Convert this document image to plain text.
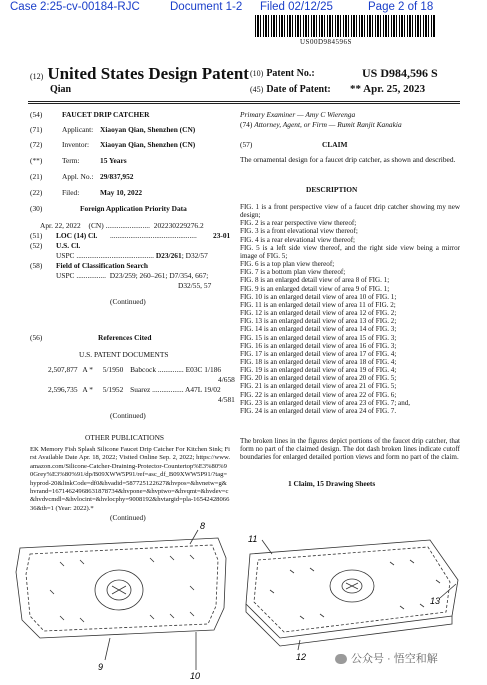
Case 2:25-cv-00184-RJC	Document 1-2 Filed 02/12/25	Page 2 of 18
US00D984596S
(12) United States Design Patent
Qian
(10) Patent No.:	US D984,596 S
(45) Date of Patent: ** Apr. 25, 2023
(54)	FAUCET DRIP CATCHER
(71)	Applicant: Xiaoyan Qian, Shenzhen (CN)
(72)	Inventor: Xiaoyan Qian, Shenzhen (CN)
(**)	Term:	15 Years
(21)	Appl. No.: 29/837,952
(22)	Filed:	May 10, 2022
(30)	Foreign Application Priority Data
Apr. 22, 2022 (CN) ........................ 202230229276.2
(51) LOC (14) Cl. ............................................... 23-01
(52) U.S. Cl.
USPC .......................................... D23/261; D32/57
(58) Field of Classification Search
USPC ................ D23/259; 260–261; D7/354, 667;
D32/55, 57
(Continued)
(56)	References Cited
U.S. PATENT DOCUMENTS
2,507,877 A * 5/1950 Babcock .............. E03C 1/186
4/658
2,596,735 A * 5/1952 Suarez ................. A47L 19/02
4/581
(Continued)
OTHER PUBLICATIONS
EK Memory Fish Splash Silicone Faucet Drip Catcher For Kitchen Sink; First Available Date Apr. 18, 2022; Visited Online Sep. 2, 2022; https://www.amazon.com/Silicone-Catcher-Draining-Protector-Countertop%E3%80%90Grey%E3%80%91/dp/B09XWW5P91/ref=asc_df_B09XWW5P91/?tag=hyprod-20&linkCode=df0&hvadid=587725122627&hvpos=&hvnetw=g&hvrand=16714624968631878734&hvpone=&hvptwo=&hvqmt=&hvdev=c&hvdvcmdl=&hvlocint=&hvlocphy=9008192&hvtargid=pla-1654242806636&th=1 (Year: 2022).*
(Continued)
Primary Examiner — Amy C Wierenga
(74) Attorney, Agent, or Firm — Rumit Ranjit Kanakia
(57)	CLAIM
The ornamental design for a faucet drip catcher, as shown and described.
DESCRIPTION
FIG. 1 is a front perspective view of a faucet drip catcher showing my new design;
FIG. 2 is a rear perspective view thereof;
FIG. 3 is a front elevational view thereof;
FIG. 4 is a rear elevational view thereof;
FIG. 5 is a left side view thereof, and the right side view being a mirror image of FIG. 5;
FIG. 6 is a top plan view thereof;
FIG. 7 is a bottom plan view thereof;
FIG. 8 is an enlarged detail view of area 8 of FIG. 1;
FIG. 9 is an enlarged detail view of area 9 of FIG. 1;
FIG. 10 is an enlarged detail view of area 10 of FIG. 1;
FIG. 11 is an enlarged detail view of area 11 of FIG. 2;
FIG. 12 is an enlarged detail view of area 12 of FIG. 2;
FIG. 13 is an enlarged detail view of area 13 of FIG. 2;
FIG. 14 is an enlarged detail view of area 14 of FIG. 3;
FIG. 15 is an enlarged detail view of area 15 of FIG. 3;
FIG. 16 is an enlarged detail view of area 16 of FIG. 3;
FIG. 17 is an enlarged detail view of area 17 of FIG. 4;
FIG. 18 is an enlarged detail view of area 18 of FIG. 4;
FIG. 19 is an enlarged detail view of area 19 of FIG. 4;
FIG. 20 is an enlarged detail view of area 20 of FIG. 5;
FIG. 21 is an enlarged detail view of area 21 of FIG. 5;
FIG. 22 is an enlarged detail view of area 22 of FIG. 6;
FIG. 23 is an enlarged detail view of area 23 of FIG. 7; and,
FIG. 24 is an enlarged detail view of area 24 of FIG. 7.
The broken lines in the figures depict portions of the faucet drip catcher, that form no part of the claimed design. The dot dash broken lines indicate cutoff boundaries for enlarged detailed portion views and form no part of the claim.
1 Claim, 15 Drawing Sheets
8
9
10
11
12
13
公众号 · 悟空和解
